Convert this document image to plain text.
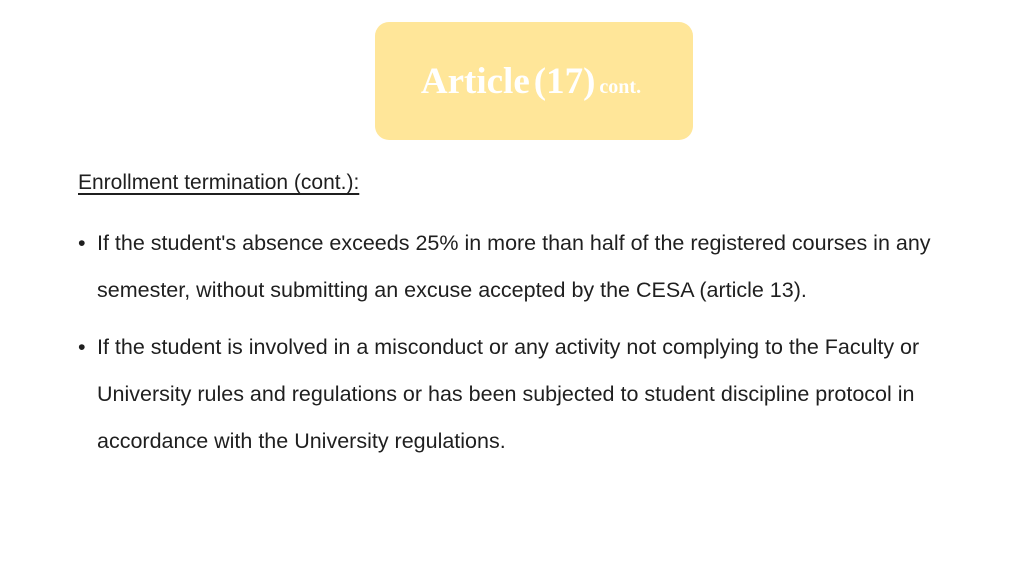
Article (17) cont.
Enrollment termination (cont.):
• If the student's absence exceeds 25% in more than half of the registered courses in any semester, without submitting an excuse accepted by the CESA (article 13).
• If the student is involved in a misconduct or any activity not complying to the Faculty or University rules and regulations or has been subjected to student discipline protocol in accordance with the University regulations.
